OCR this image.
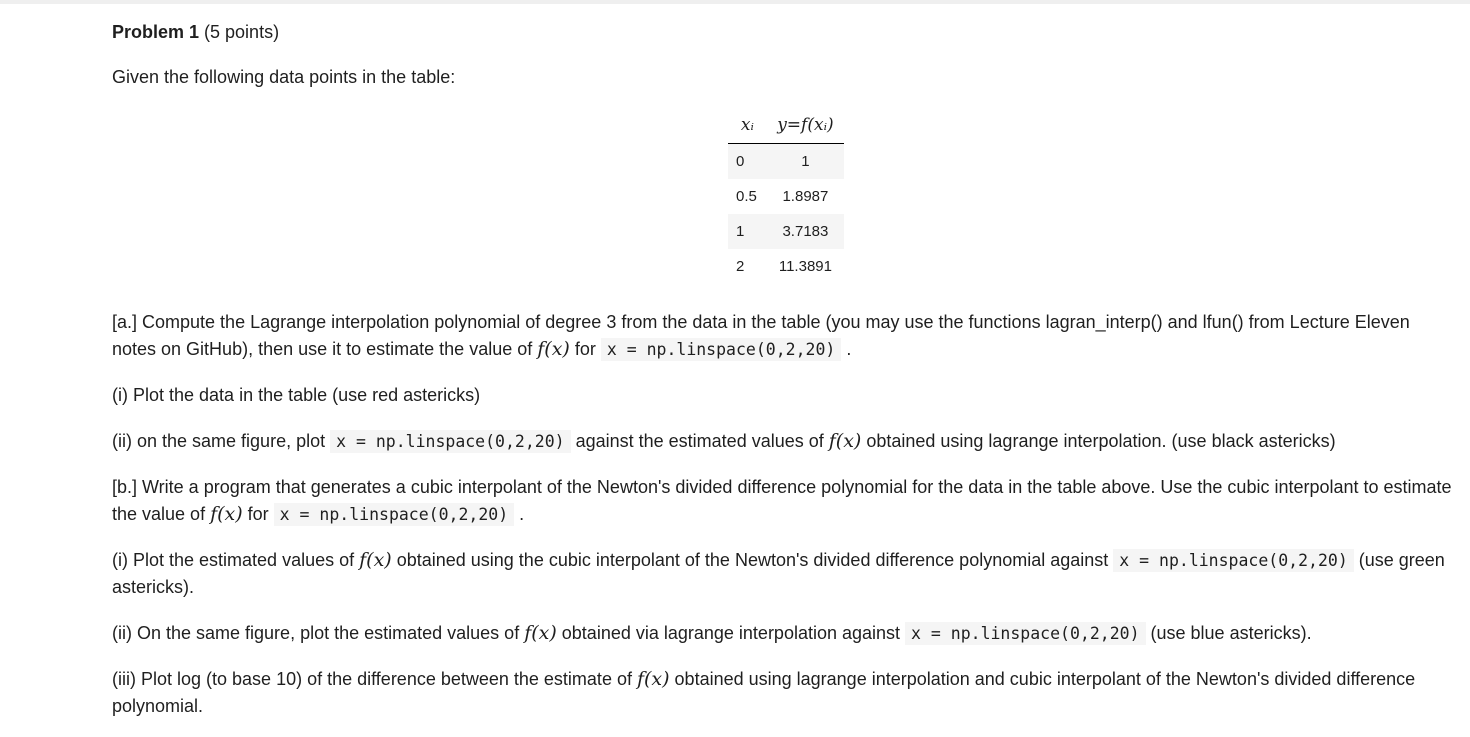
Problem 1 (5 points)

Given the following data points in the table:

xᵢ	y=f(xᵢ)
0	1
0.5	1.8987
1	3.7183
2	11.3891

[a.] Compute the Lagrange interpolation polynomial of degree 3 from the data in the table (you may use the functions lagran_interp() and lfun() from Lecture Eleven notes on GitHub), then use it to estimate the value of f(x) for x = np.linspace(0,2,20) .

(i) Plot the data in the table (use red astericks)

(ii) on the same figure, plot x = np.linspace(0,2,20) against the estimated values of f(x) obtained using lagrange interpolation. (use black astericks)

[b.] Write a program that generates a cubic interpolant of the Newton's divided difference polynomial for the data in the table above. Use the cubic interpolant to estimate the value of f(x) for x = np.linspace(0,2,20) .

(i) Plot the estimated values of f(x) obtained using the cubic interpolant of the Newton's divided difference polynomial against x = np.linspace(0,2,20) (use green astericks).

(ii) On the same figure, plot the estimated values of f(x) obtained via lagrange interpolation against x = np.linspace(0,2,20) (use blue astericks).

(iii) Plot log (to base 10) of the difference between the estimate of f(x) obtained using lagrange interpolation and cubic interpolant of the Newton's divided difference polynomial.
